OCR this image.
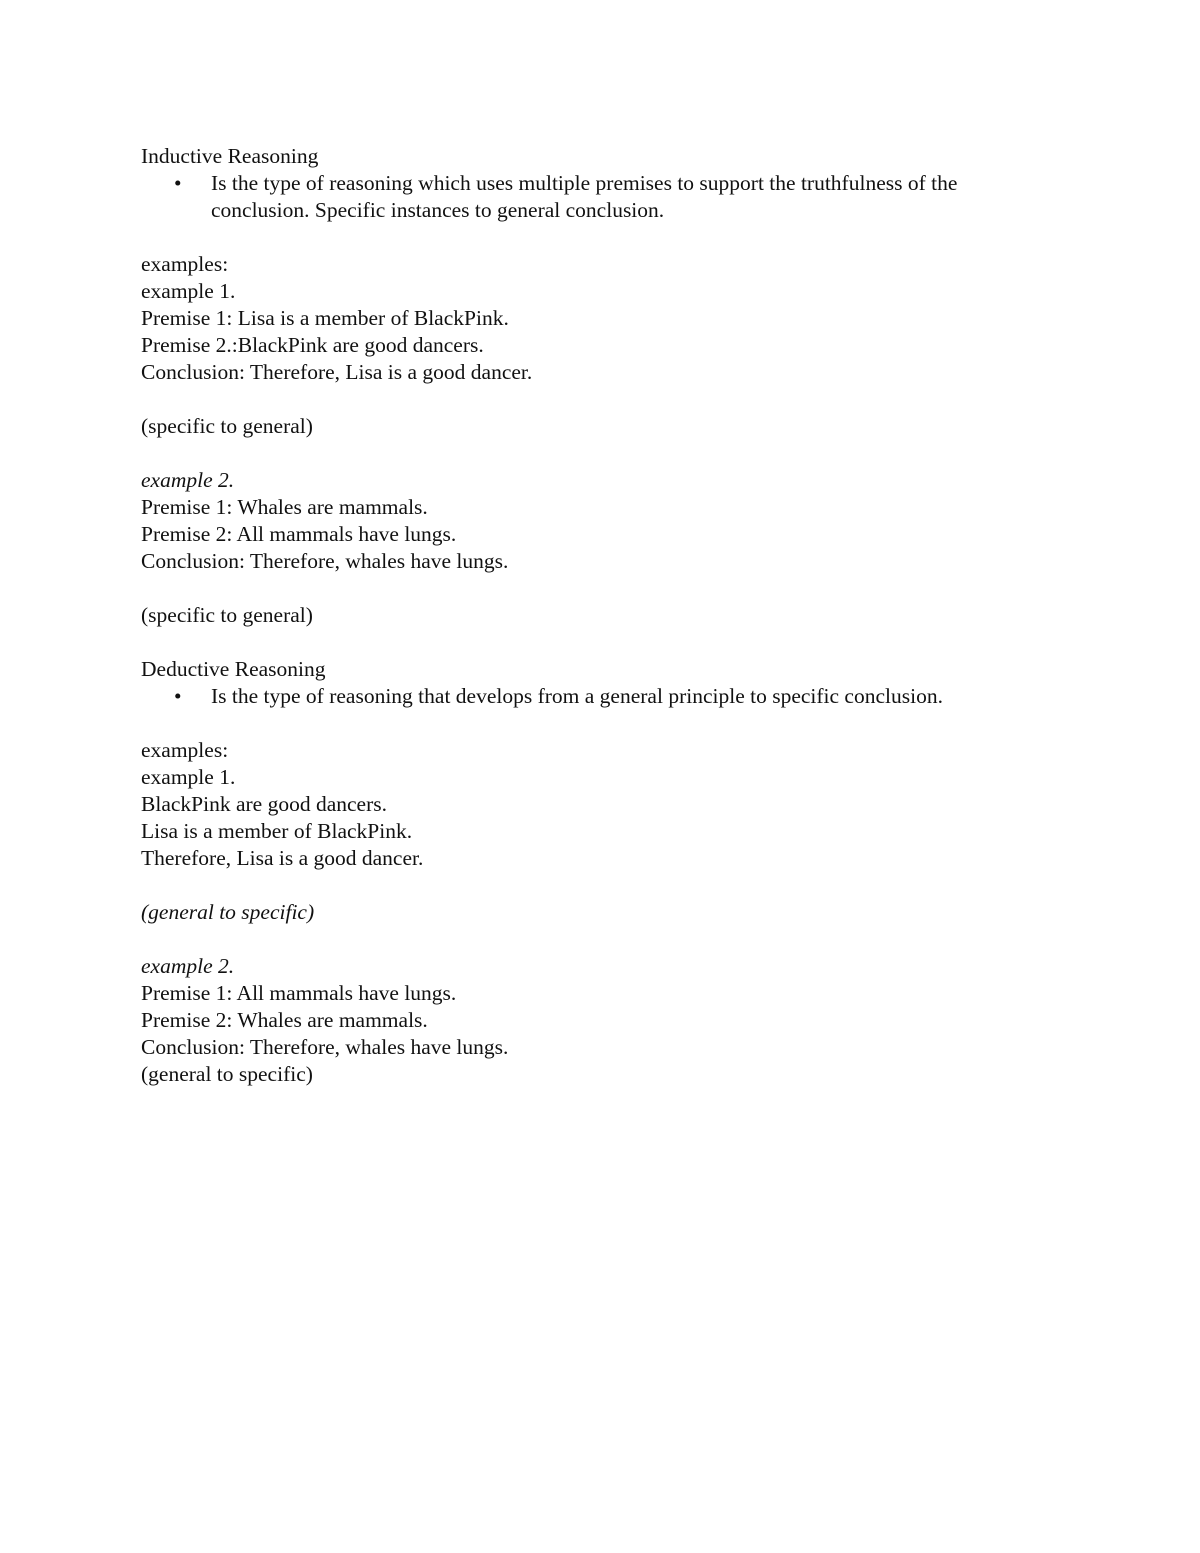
Inductive Reasoning
• Is the type of reasoning which uses multiple premises to support the truthfulness of the conclusion. Specific instances to general conclusion.
examples:
example 1.
Premise 1: Lisa is a member of BlackPink.
Premise 2.:BlackPink are good dancers.
Conclusion: Therefore, Lisa is a good dancer.
(specific to general)
example 2.
Premise 1: Whales are mammals.
Premise 2: All mammals have lungs.
Conclusion: Therefore, whales have lungs.
(specific to general)
Deductive Reasoning
• Is the type of reasoning that develops from a general principle to specific conclusion.
examples:
example 1.
BlackPink are good dancers.
Lisa is a member of BlackPink.
Therefore, Lisa is a good dancer.
(general to specific)
example 2.
Premise 1: All mammals have lungs.
Premise 2: Whales are mammals.
Conclusion: Therefore, whales have lungs.
(general to specific)
